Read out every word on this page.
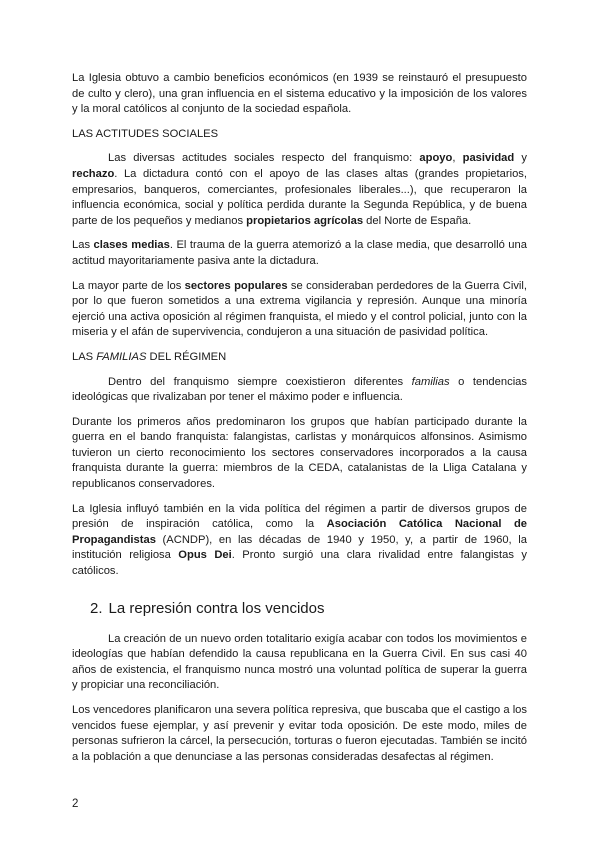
La Iglesia obtuvo a cambio beneficios económicos (en 1939 se reinstauró el presupuesto de culto y clero), una gran influencia en el sistema educativo y la imposición de los valores y la moral católicos al conjunto de la sociedad española.

LAS ACTITUDES SOCIALES

Las diversas actitudes sociales respecto del franquismo: apoyo, pasividad y rechazo. La dictadura contó con el apoyo de las clases altas (grandes propietarios, empresarios, banqueros, comerciantes, profesionales liberales...), que recuperaron la influencia económica, social y política perdida durante la Segunda República, y de buena parte de los pequeños y medianos propietarios agrícolas del Norte de España.

Las clases medias. El trauma de la guerra atemorizó a la clase media, que desarrolló una actitud mayoritariamente pasiva ante la dictadura.

La mayor parte de los sectores populares se consideraban perdedores de la Guerra Civil, por lo que fueron sometidos a una extrema vigilancia y represión. Aunque una minoría ejerció una activa oposición al régimen franquista, el miedo y el control policial, junto con la miseria y el afán de supervivencia, condujeron a una situación de pasividad política.

LAS FAMILIAS DEL RÉGIMEN

Dentro del franquismo siempre coexistieron diferentes familias o tendencias ideológicas que rivalizaban por tener el máximo poder e influencia.

Durante los primeros años predominaron los grupos que habían participado durante la guerra en el bando franquista: falangistas, carlistas y monárquicos alfonsinos. Asimismo tuvieron un cierto reconocimiento los sectores conservadores incorporados a la causa franquista durante la guerra: miembros de la CEDA, catalanistas de la Lliga Catalana y republicanos conservadores.

La Iglesia influyó también en la vida política del régimen a partir de diversos grupos de presión de inspiración católica, como la Asociación Católica Nacional de Propagandistas (ACNDP), en las décadas de 1940 y 1950, y, a partir de 1960, la institución religiosa Opus Dei. Pronto surgió una clara rivalidad entre falangistas y católicos.

2. La represión contra los vencidos

La creación de un nuevo orden totalitario exigía acabar con todos los movimientos e ideologías que habían defendido la causa republicana en la Guerra Civil. En sus casi 40 años de existencia, el franquismo nunca mostró una voluntad política de superar la guerra y propiciar una reconciliación.

Los vencedores planificaron una severa política represiva, que buscaba que el castigo a los vencidos fuese ejemplar, y así prevenir y evitar toda oposición. De este modo, miles de personas sufrieron la cárcel, la persecución, torturas o fueron ejecutadas. También se incitó a la población a que denunciase a las personas consideradas desafectas al régimen.

2
